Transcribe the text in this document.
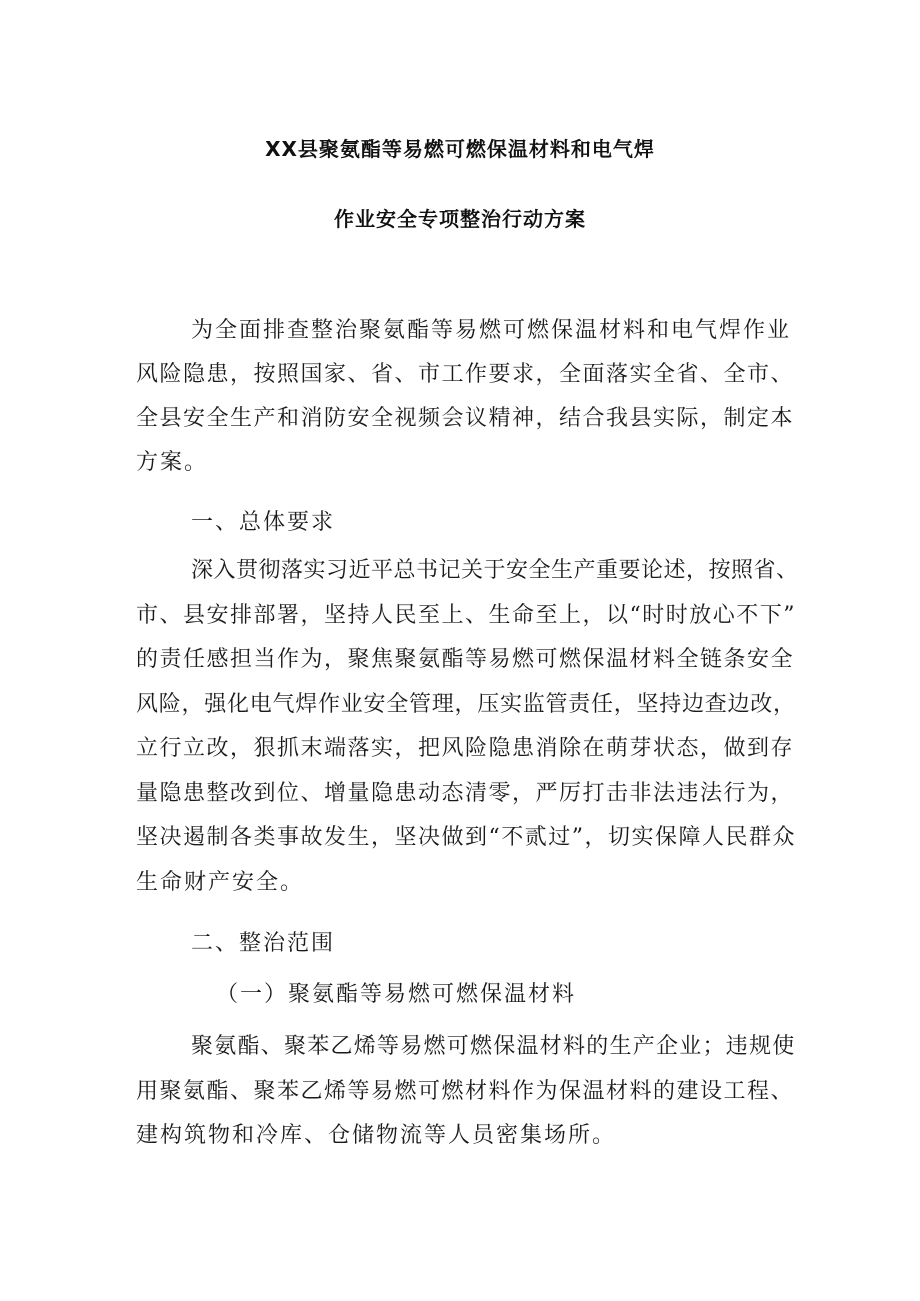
XX县聚氨酯等易燃可燃保温材料和电气焊
作业安全专项整治行动方案
为全面排查整治聚氨酯等易燃可燃保温材料和电气焊作业
风险隐患，按照国家、省、市工作要求，全面落实全省、全市、
全县安全生产和消防安全视频会议精神，结合我县实际，制定本
方案。
一、总体要求
深入贯彻落实习近平总书记关于安全生产重要论述，按照省、
市、县安排部署，坚持人民至上、生命至上，以“时时放心不下”
的责任感担当作为，聚焦聚氨酯等易燃可燃保温材料全链条安全
风险，强化电气焊作业安全管理，压实监管责任，坚持边查边改，
立行立改，狠抓末端落实，把风险隐患消除在萌芽状态，做到存
量隐患整改到位、增量隐患动态清零，严厉打击非法违法行为，
坚决遏制各类事故发生，坚决做到“不贰过”，切实保障人民群众
生命财产安全。
二、整治范围
（一）聚氨酯等易燃可燃保温材料
聚氨酯、聚苯乙烯等易燃可燃保温材料的生产企业；违规使
用聚氨酯、聚苯乙烯等易燃可燃材料作为保温材料的建设工程、
建构筑物和冷库、仓储物流等人员密集场所。
